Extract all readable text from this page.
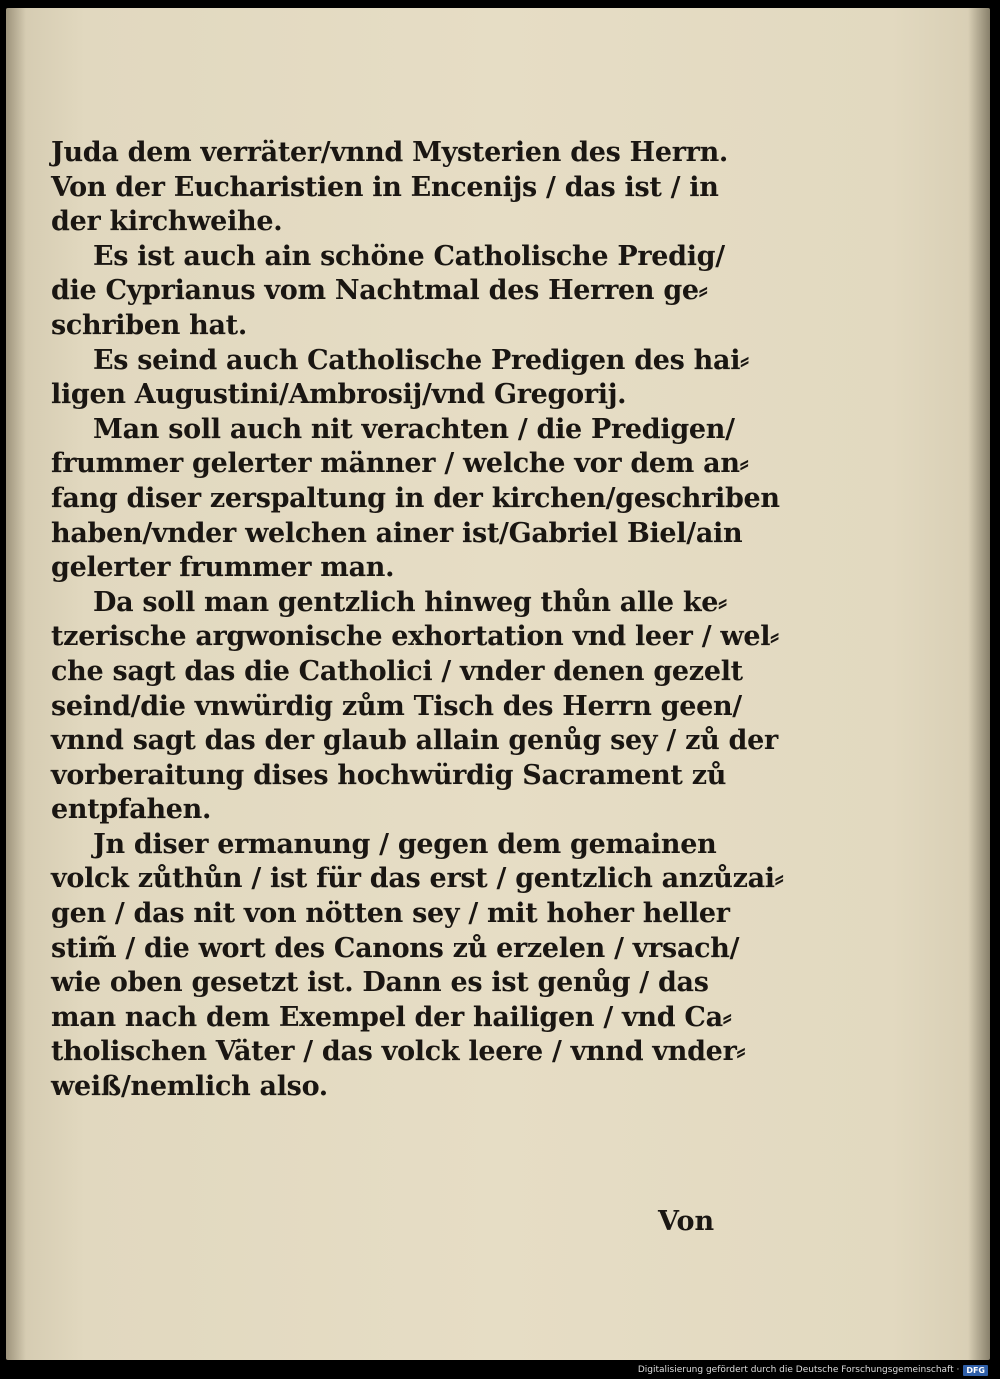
Juda dem verräter/vnnd Mysterien des Herrn.
Von der Eucharistien in Encenijs / das ist / in
der kirchweihe.
Es ist auch ain schöne Catholische Predig/
die Cyprianus vom Nachtmal des Herren ge⸗
schriben hat.
Es seind auch Catholische Predigen des hai⸗
ligen Augustini/Ambrosij/vnd Gregorij.
Man soll auch nit verachten / die Predigen/
frummer gelerter männer / welche vor dem an⸗
fang diser zerspaltung in der kirchen/geschriben
haben/vnder welchen ainer ist/Gabriel Biel/ain
gelerter frummer man.
Da soll man gentzlich hinweg thůn alle ke⸗
tzerische argwonische exhortation vnd leer / wel⸗
che sagt das die Catholici / vnder denen gezelt
seind/die vnwürdig zům Tisch des Herrn geen/
vnnd sagt das der glaub allain genůg sey / zů der
vorberaitung dises hochwürdig Sacrament zů
entpfahen.
Jn diser ermanung / gegen dem gemainen
volck zůthůn / ist für das erst / gentzlich anzůzai⸗
gen / das nit von nötten sey / mit hoher heller
stim̃ / die wort des Canons zů erzelen / vrsach/
wie oben gesetzt ist. Dann es ist genůg / das
man nach dem Exempel der hailigen / vnd Ca⸗
tholischen Väter / das volck leere / vnnd vnder⸗
weiß/nemlich also.
Von
Digitalisierung gefördert durch die Deutsche Forschungsgemeinschaft · DFG
